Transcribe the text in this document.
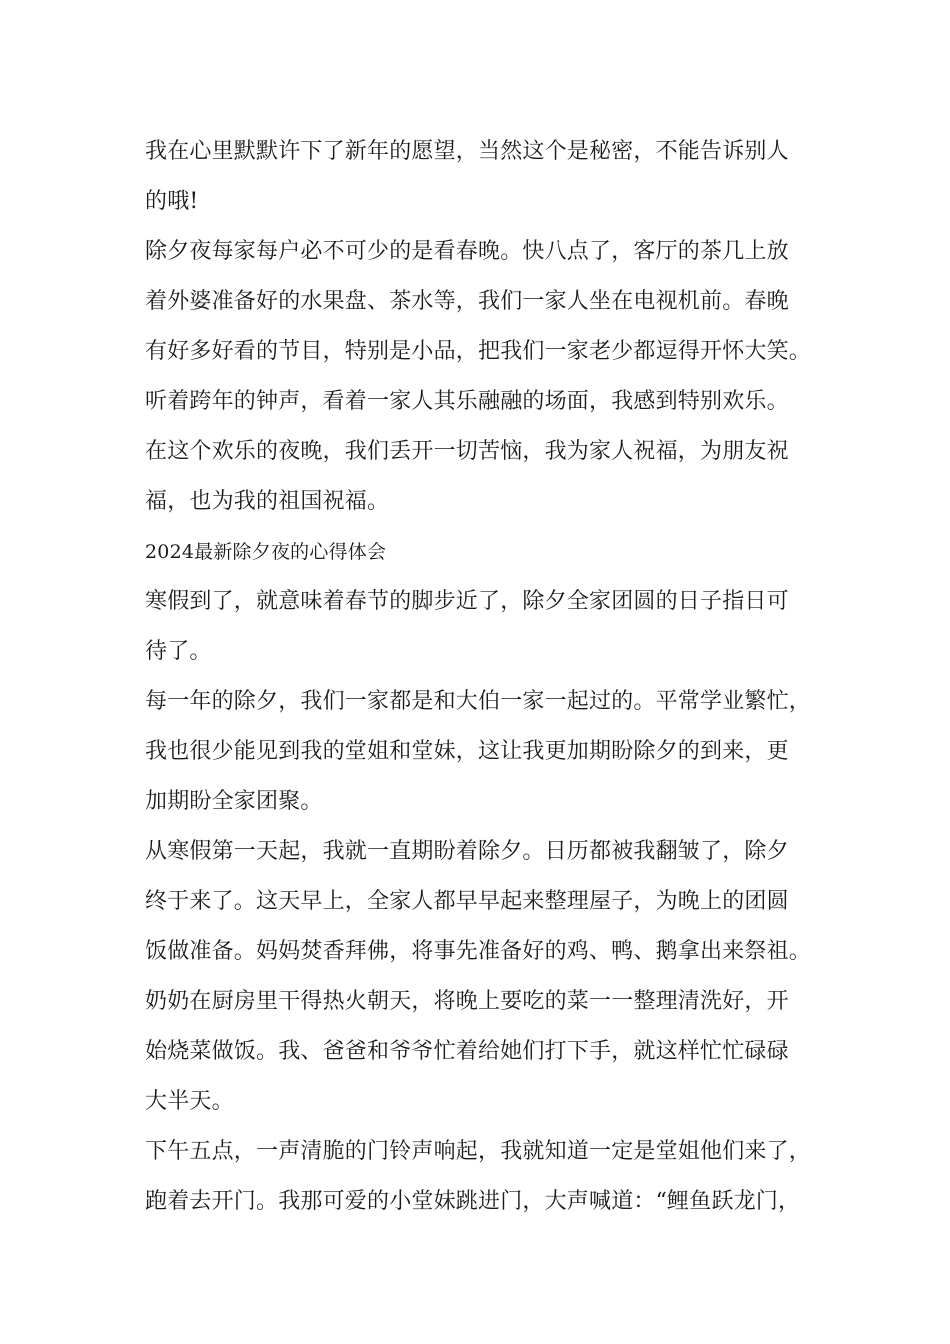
我在心里默默许下了新年的愿望，当然这个是秘密，不能告诉别人
的哦!
除夕夜每家每户必不可少的是看春晚。快八点了，客厅的茶几上放
着外婆准备好的水果盘、茶水等，我们一家人坐在电视机前。春晚
有好多好看的节目，特别是小品，把我们一家老少都逗得开怀大笑。
听着跨年的钟声，看着一家人其乐融融的场面，我感到特别欢乐。
在这个欢乐的夜晚，我们丢开一切苦恼，我为家人祝福，为朋友祝
福，也为我的祖国祝福。
2024最新除夕夜的心得体会
寒假到了，就意味着春节的脚步近了，除夕全家团圆的日子指日可
待了。
每一年的除夕，我们一家都是和大伯一家一起过的。平常学业繁忙，
我也很少能见到我的堂姐和堂妹，这让我更加期盼除夕的到来，更
加期盼全家团聚。
从寒假第一天起，我就一直期盼着除夕。日历都被我翻皱了，除夕
终于来了。这天早上，全家人都早早起来整理屋子，为晚上的团圆
饭做准备。妈妈焚香拜佛，将事先准备好的鸡、鸭、鹅拿出来祭祖。
奶奶在厨房里干得热火朝天，将晚上要吃的菜一一整理清洗好，开
始烧菜做饭。我、爸爸和爷爷忙着给她们打下手，就这样忙忙碌碌
大半天。
下午五点，一声清脆的门铃声响起，我就知道一定是堂姐他们来了，
跑着去开门。我那可爱的小堂妹跳进门，大声喊道：“鲤鱼跃龙门，
